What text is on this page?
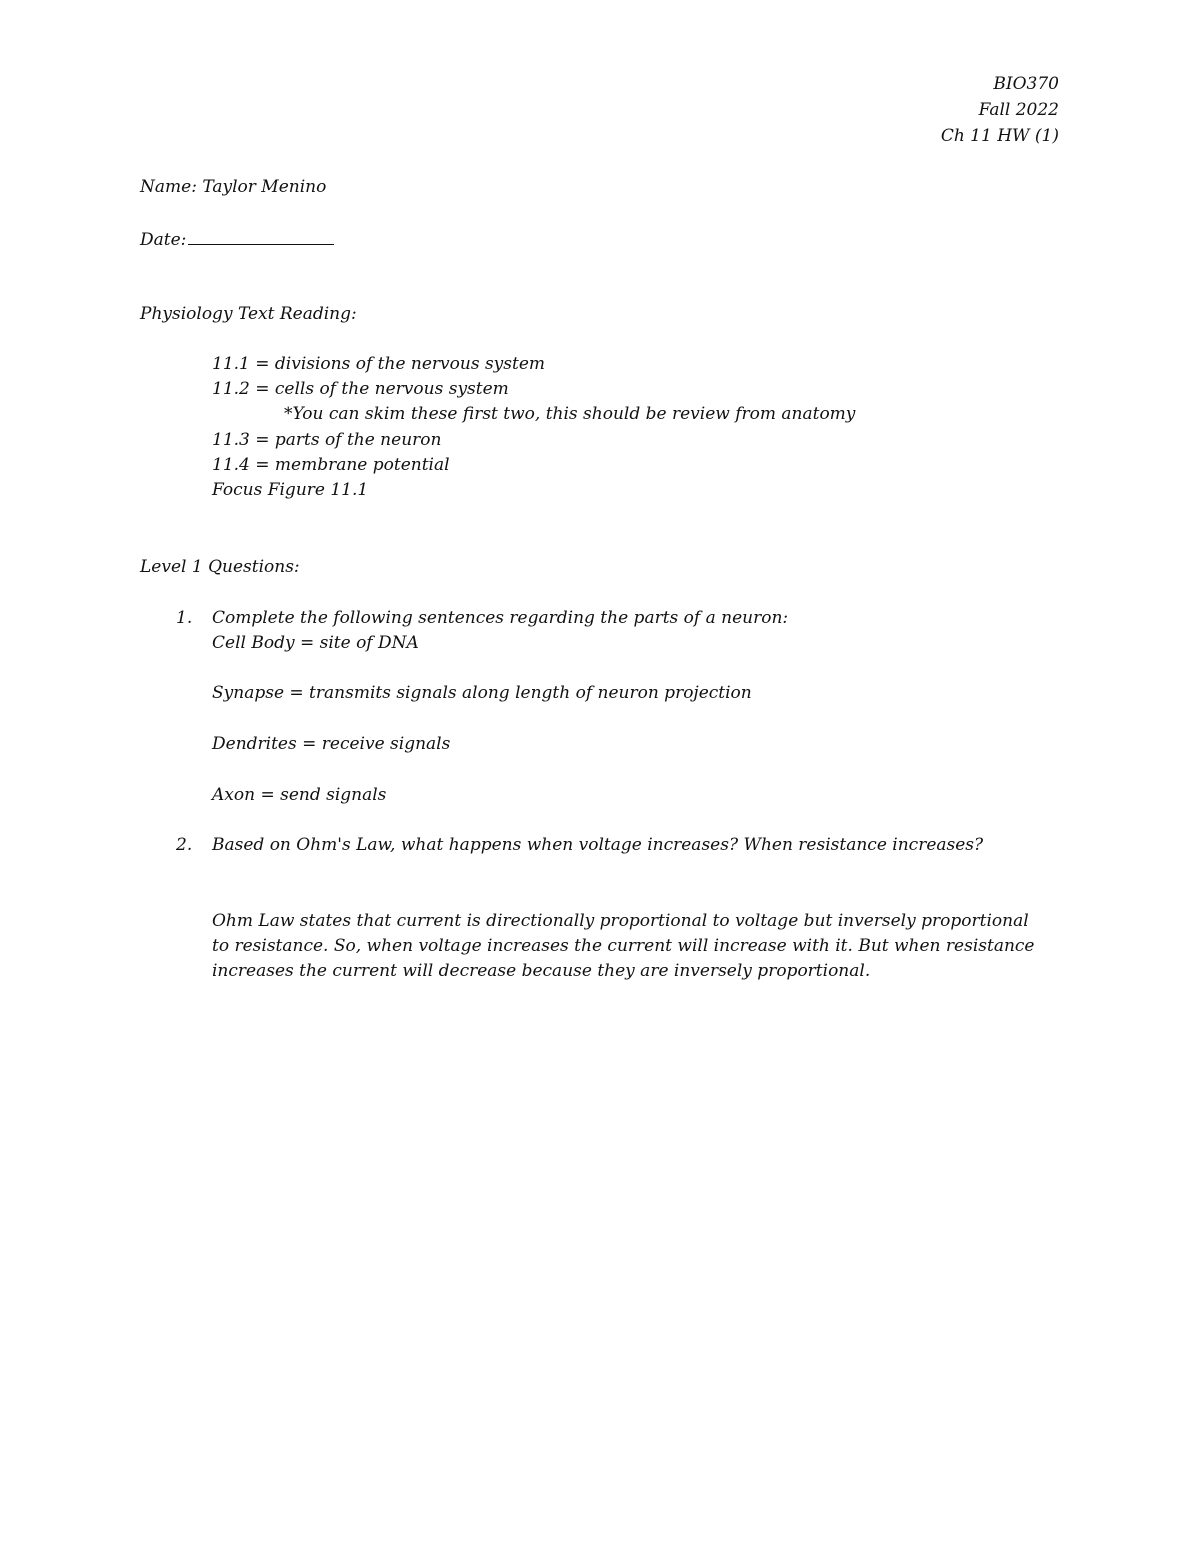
BIO370
Fall 2022
Ch 11 HW (1)
Name: Taylor Menino
Date:
Physiology Text Reading:
11.1 = divisions of the nervous system
11.2 = cells of the nervous system
*You can skim these first two, this should be review from anatomy
11.3 = parts of the neuron
11.4 = membrane potential
Focus Figure 11.1
Level 1 Questions:
1. Complete the following sentences regarding the parts of a neuron:
Cell Body = site of DNA
Synapse = transmits signals along length of neuron projection
Dendrites = receive signals
Axon = send signals
2. Based on Ohm's Law, what happens when voltage increases? When resistance increases?
Ohm Law states that current is directionally proportional to voltage but inversely proportional
to resistance. So, when voltage increases the current will increase with it. But when resistance
increases the current will decrease because they are inversely proportional.
